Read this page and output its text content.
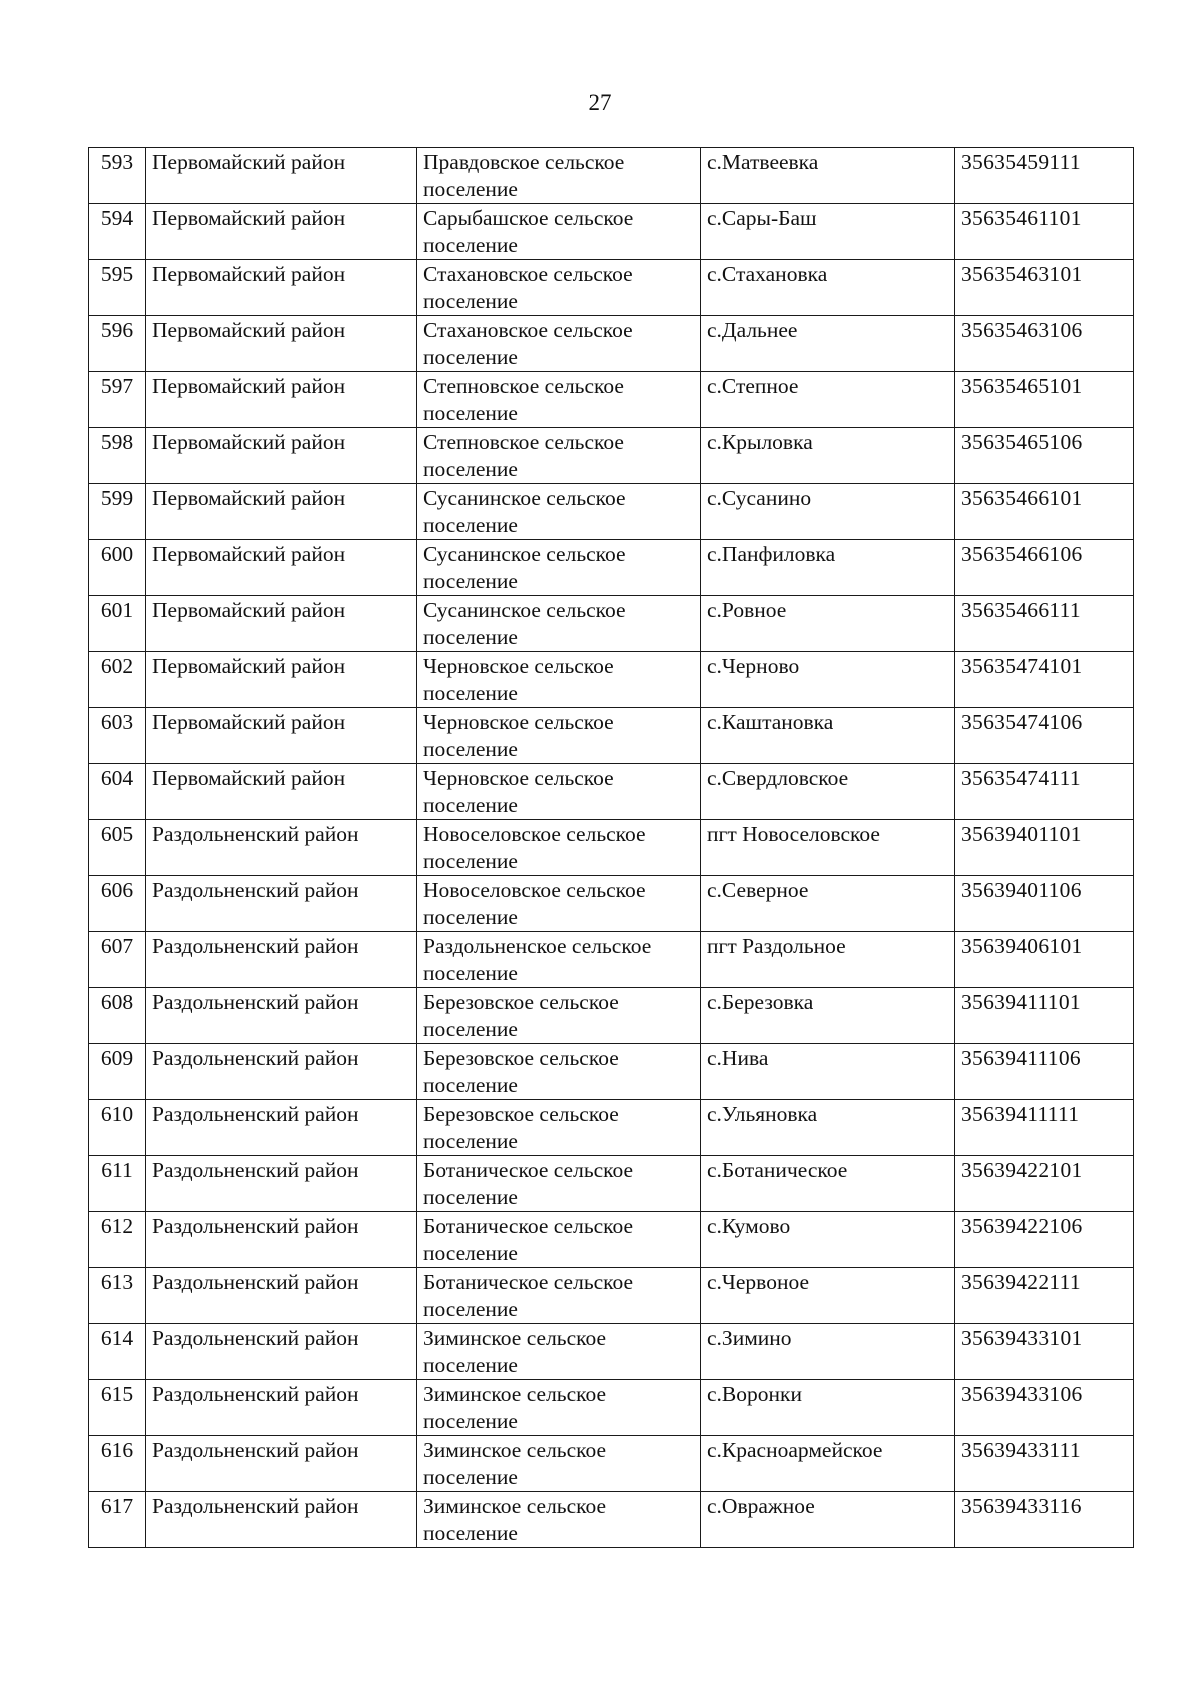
27
593	Первомайский район	Правдовское сельское поселение	с.Матвеевка	35635459111
594	Первомайский район	Сарыбашское сельское поселение	с.Сары-Баш	35635461101
595	Первомайский район	Стахановское сельское поселение	с.Стахановка	35635463101
596	Первомайский район	Стахановское сельское поселение	с.Дальнее	35635463106
597	Первомайский район	Степновское сельское поселение	с.Степное	35635465101
598	Первомайский район	Степновское сельское поселение	с.Крыловка	35635465106
599	Первомайский район	Сусанинское сельское поселение	с.Сусанино	35635466101
600	Первомайский район	Сусанинское сельское поселение	с.Панфиловка	35635466106
601	Первомайский район	Сусанинское сельское поселение	с.Ровное	35635466111
602	Первомайский район	Черновское сельское поселение	с.Черново	35635474101
603	Первомайский район	Черновское сельское поселение	с.Каштановка	35635474106
604	Первомайский район	Черновское сельское поселение	с.Свердловское	35635474111
605	Раздольненский район	Новоселовское сельское поселение	пгт Новоселовское	35639401101
606	Раздольненский район	Новоселовское сельское поселение	с.Северное	35639401106
607	Раздольненский район	Раздольненское сельское поселение	пгт Раздольное	35639406101
608	Раздольненский район	Березовское сельское поселение	с.Березовка	35639411101
609	Раздольненский район	Березовское сельское поселение	с.Нива	35639411106
610	Раздольненский район	Березовское сельское поселение	с.Ульяновка	35639411111
611	Раздольненский район	Ботаническое сельское поселение	с.Ботаническое	35639422101
612	Раздольненский район	Ботаническое сельское поселение	с.Кумово	35639422106
613	Раздольненский район	Ботаническое сельское поселение	с.Червоное	35639422111
614	Раздольненский район	Зиминское сельское поселение	с.Зимино	35639433101
615	Раздольненский район	Зиминское сельское поселение	с.Воронки	35639433106
616	Раздольненский район	Зиминское сельское поселение	с.Красноармейское	35639433111
617	Раздольненский район	Зиминское сельское поселение	с.Овражное	35639433116
